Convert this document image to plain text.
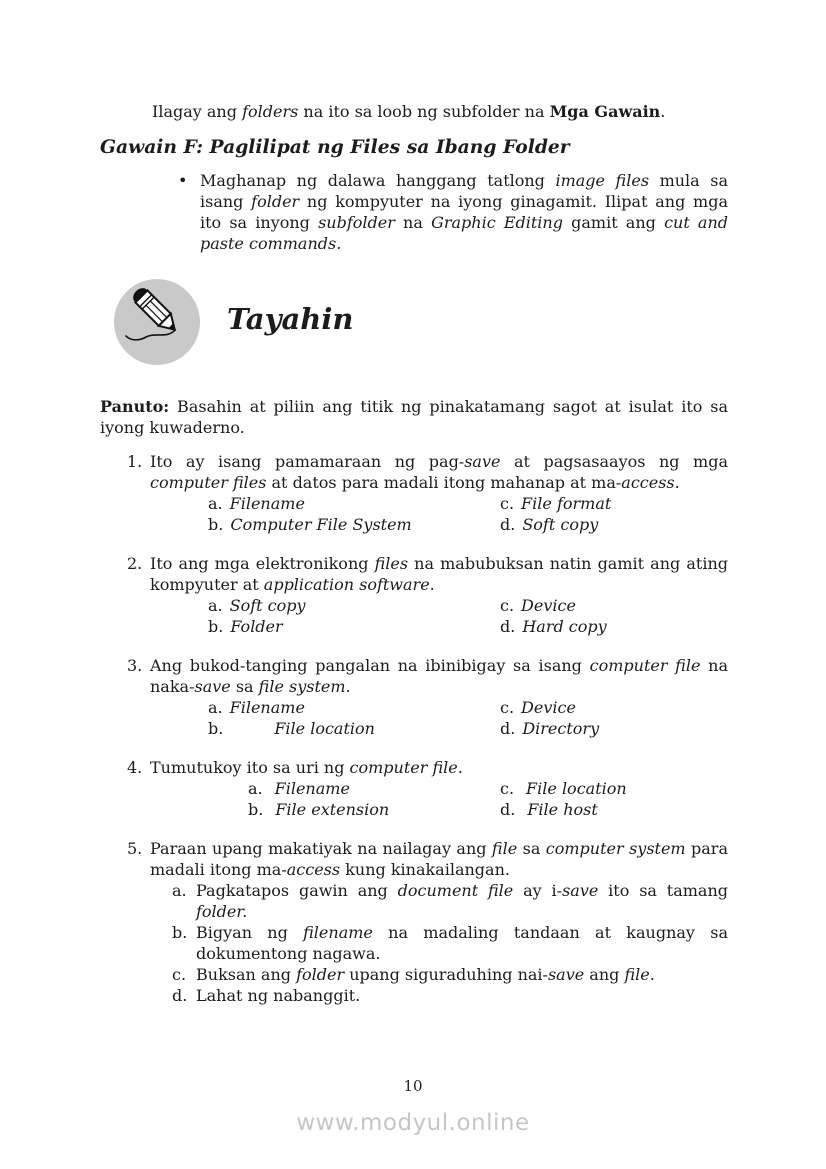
Ilagay ang folders na ito sa loob ng subfolder na Mga Gawain.

Gawain F: Paglilipat ng Files sa Ibang Folder
• Maghanap ng dalawa hanggang tatlong image files mula sa isang folder ng kompyuter na iyong ginagamit. Ilipat ang mga ito sa inyong subfolder na Graphic Editing gamit ang cut and paste commands.
Tayahin

Panuto: Basahin at piliin ang titik ng pinakatamang sagot at isulat ito sa iyong kuwaderno.

1. Ito ay isang pamamaraan ng pag-save at pagsasaayos ng mga computer files at datos para madali itong mahanap at ma-access.
a. Filename
b. Computer File System
c. File format
d. Soft copy
2. Ito ang mga elektronikong files na mabubuksan natin gamit ang ating kompyuter at application software.
a. Soft copy
b. Folder
c. Device
d. Hard copy
3. Ang bukod-tanging pangalan na ibinibigay sa isang computer file na naka-save sa file system.
a. Filename
b.	File location
c. Device
d. Directory
4. Tumutukoy ito sa uri ng computer file.
a. Filename
b. File extension
c. File location
d. File host
5. Paraan upang makatiyak na nailagay ang file sa computer system para madali itong ma-access kung kinakailangan.
a. Pagkatapos gawin ang document file ay i-save ito sa tamang folder.
b. Bigyan ng filename na madaling tandaan at kaugnay sa dokumentong nagawa.
c. Buksan ang folder upang siguraduhing nai-save ang file.
d. Lahat ng nabanggit.
10
www.modyul.online
